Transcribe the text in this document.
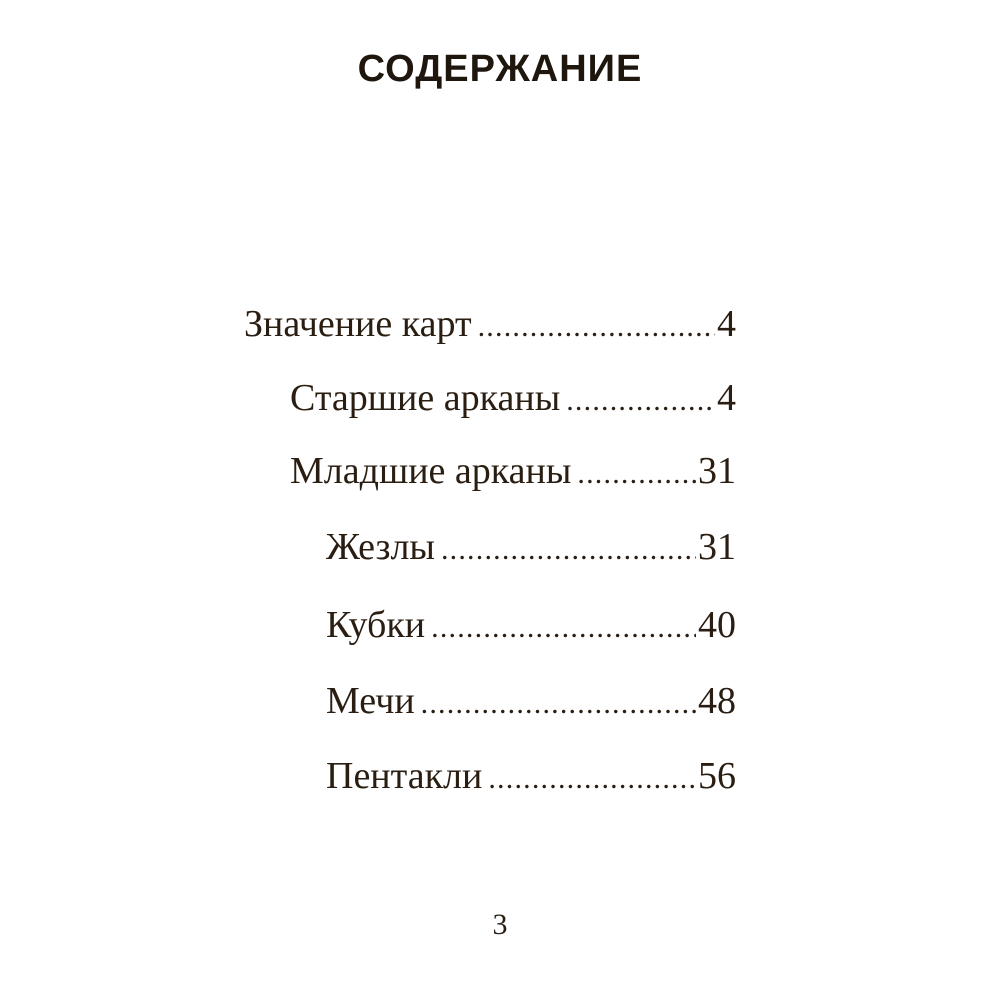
СОДЕРЖАНИЕ
Значение карт .....	4
Старшие арканы .....	4
Младшие арканы .....	31
Жезлы .....	31
Кубки .....	40
Мечи .....	48
Пентакли .....	56
3
